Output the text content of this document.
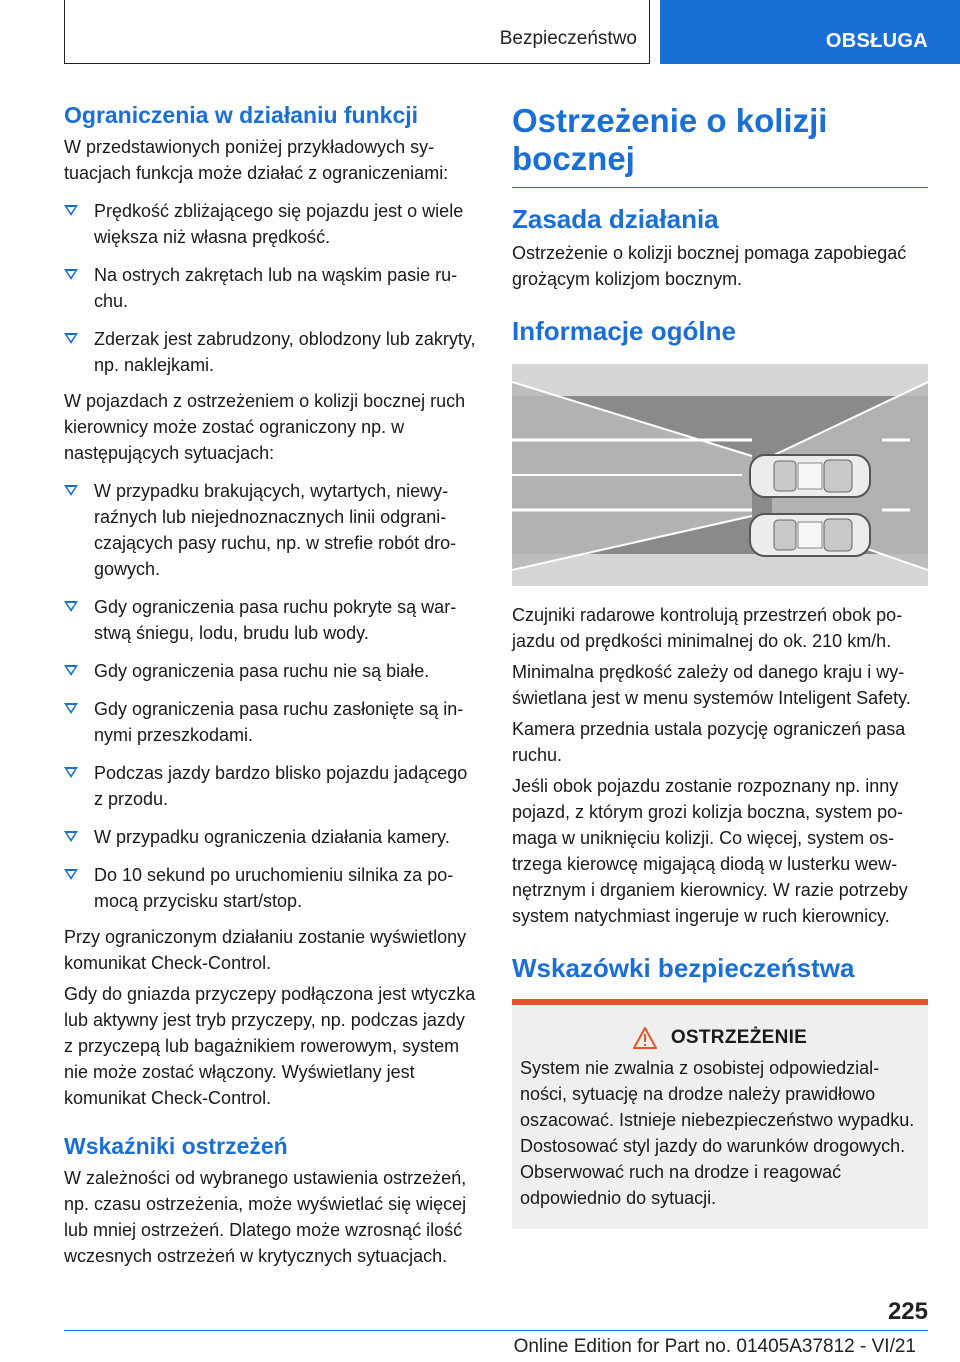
Bezpieczeństwo	OBSŁUGA
Ograniczenia w działaniu funkcji

W przedstawionych poniżej przykładowych sytuacjach funkcja może działać z ograniczeniami:

Prędkość zbliżającego się pojazdu jest o wiele większa niż własna prędkość.
Na ostrych zakrętach lub na wąskim pasie ruchu.
Zderzak jest zabrudzony, oblodzony lub zakryty, np. naklejkami.

W pojazdach z ostrzeżeniem o kolizji bocznej ruch kierownicy może zostać ograniczony np. w następujących sytuacjach:

W przypadku brakujących, wytartych, niewyraźnych lub niejednoznacznych linii odgraniczających pasy ruchu, np. w strefie robót drogowych.
Gdy ograniczenia pasa ruchu pokryte są warstwą śniegu, lodu, brudu lub wody.
Gdy ograniczenia pasa ruchu nie są białe.
Gdy ograniczenia pasa ruchu zasłonięte są innymi przeszkodami.
Podczas jazdy bardzo blisko pojazdu jadącego z przodu.
W przypadku ograniczenia działania kamery.
Do 10 sekund po uruchomieniu silnika za pomocą przycisku start/stop.

Przy ograniczonym działaniu zostanie wyświetlony komunikat Check-Control.

Gdy do gniazda przyczepy podłączona jest wtyczka lub aktywny jest tryb przyczepy, np. podczas jazdy z przyczepą lub bagażnikiem rowerowym, system nie może zostać włączony. Wyświetlany jest komunikat Check-Control.

Wskaźniki ostrzeżeń

W zależności od wybranego ustawienia ostrzeżeń, np. czasu ostrzeżenia, może wyświetlać się więcej lub mniej ostrzeżeń. Dlatego może wzrosnąć ilość wczesnych ostrzeżeń w krytycznych sytuacjach.

Ostrzeżenie o kolizji bocznej
Zasada działania

Ostrzeżenie o kolizji bocznej pomaga zapobiegać grożącym kolizjom bocznym.

Informacje ogólne

Czujniki radarowe kontrolują przestrzeń obok pojazdu od prędkości minimalnej do ok. 210 km/h.

Minimalna prędkość zależy od danego kraju i wyświetlana jest w menu systemów Inteligent Safety.

Kamera przednia ustala pozycję ograniczeń pasa ruchu.

Jeśli obok pojazdu zostanie rozpoznany np. inny pojazd, z którym grozi kolizja boczna, system pomaga w uniknięciu kolizji. Co więcej, system ostrzega kierowcę migającą diodą w lusterku wewnętrznym i drganiem kierownicy. W razie potrzeby system natychmiast ingeruje w ruch kierownicy.

Wskazówki bezpieczeństwa
OSTRZEŻENIE

System nie zwalnia z osobistej odpowiedzialności, sytuację na drodze należy prawidłowo oszacować. Istnieje niebezpieczeństwo wypadku. Dostosować styl jazdy do warunków drogowych. Obserwować ruch na drodze i reagować odpowiednio do sytuacji.

225
Online Edition for Part no. 01405A37812 - VI/21
